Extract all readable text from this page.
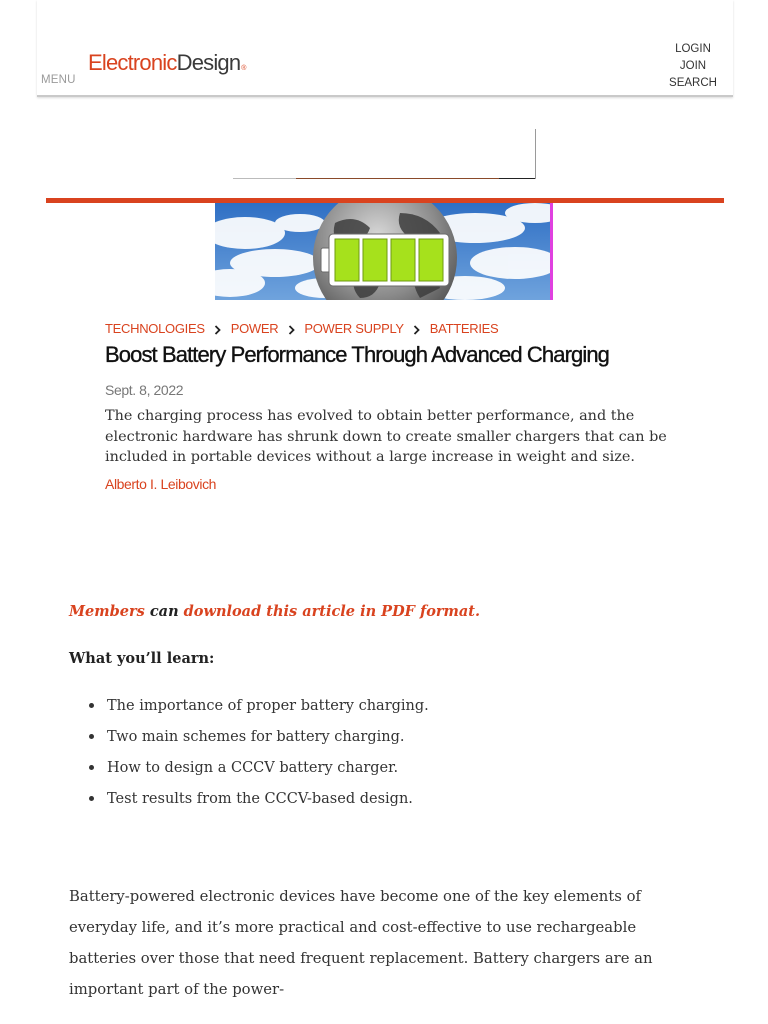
MENU
ElectronicDesign®
LOGIN
JOIN
SEARCH
TECHNOLOGIES POWER POWER SUPPLY BATTERIES
Boost Battery Performance Through Advanced Charging
Sept. 8, 2022

The charging process has evolved to obtain better performance, and the electronic hardware has shrunk down to create smaller chargers that can be included in portable devices without a large increase in weight and size.

Alberto I. Leibovich
Members can download this article in PDF format.
What you’ll learn:
The importance of proper battery charging.
Two main schemes for battery charging.
How to design a CCCV battery charger.
Test results from the CCCV-based design.

Battery-powered electronic devices have become one of the key elements of everyday life, and it’s more practical and cost-effective to use rechargeable batteries over those that need frequent replacement. Battery chargers are an important part of the power-
